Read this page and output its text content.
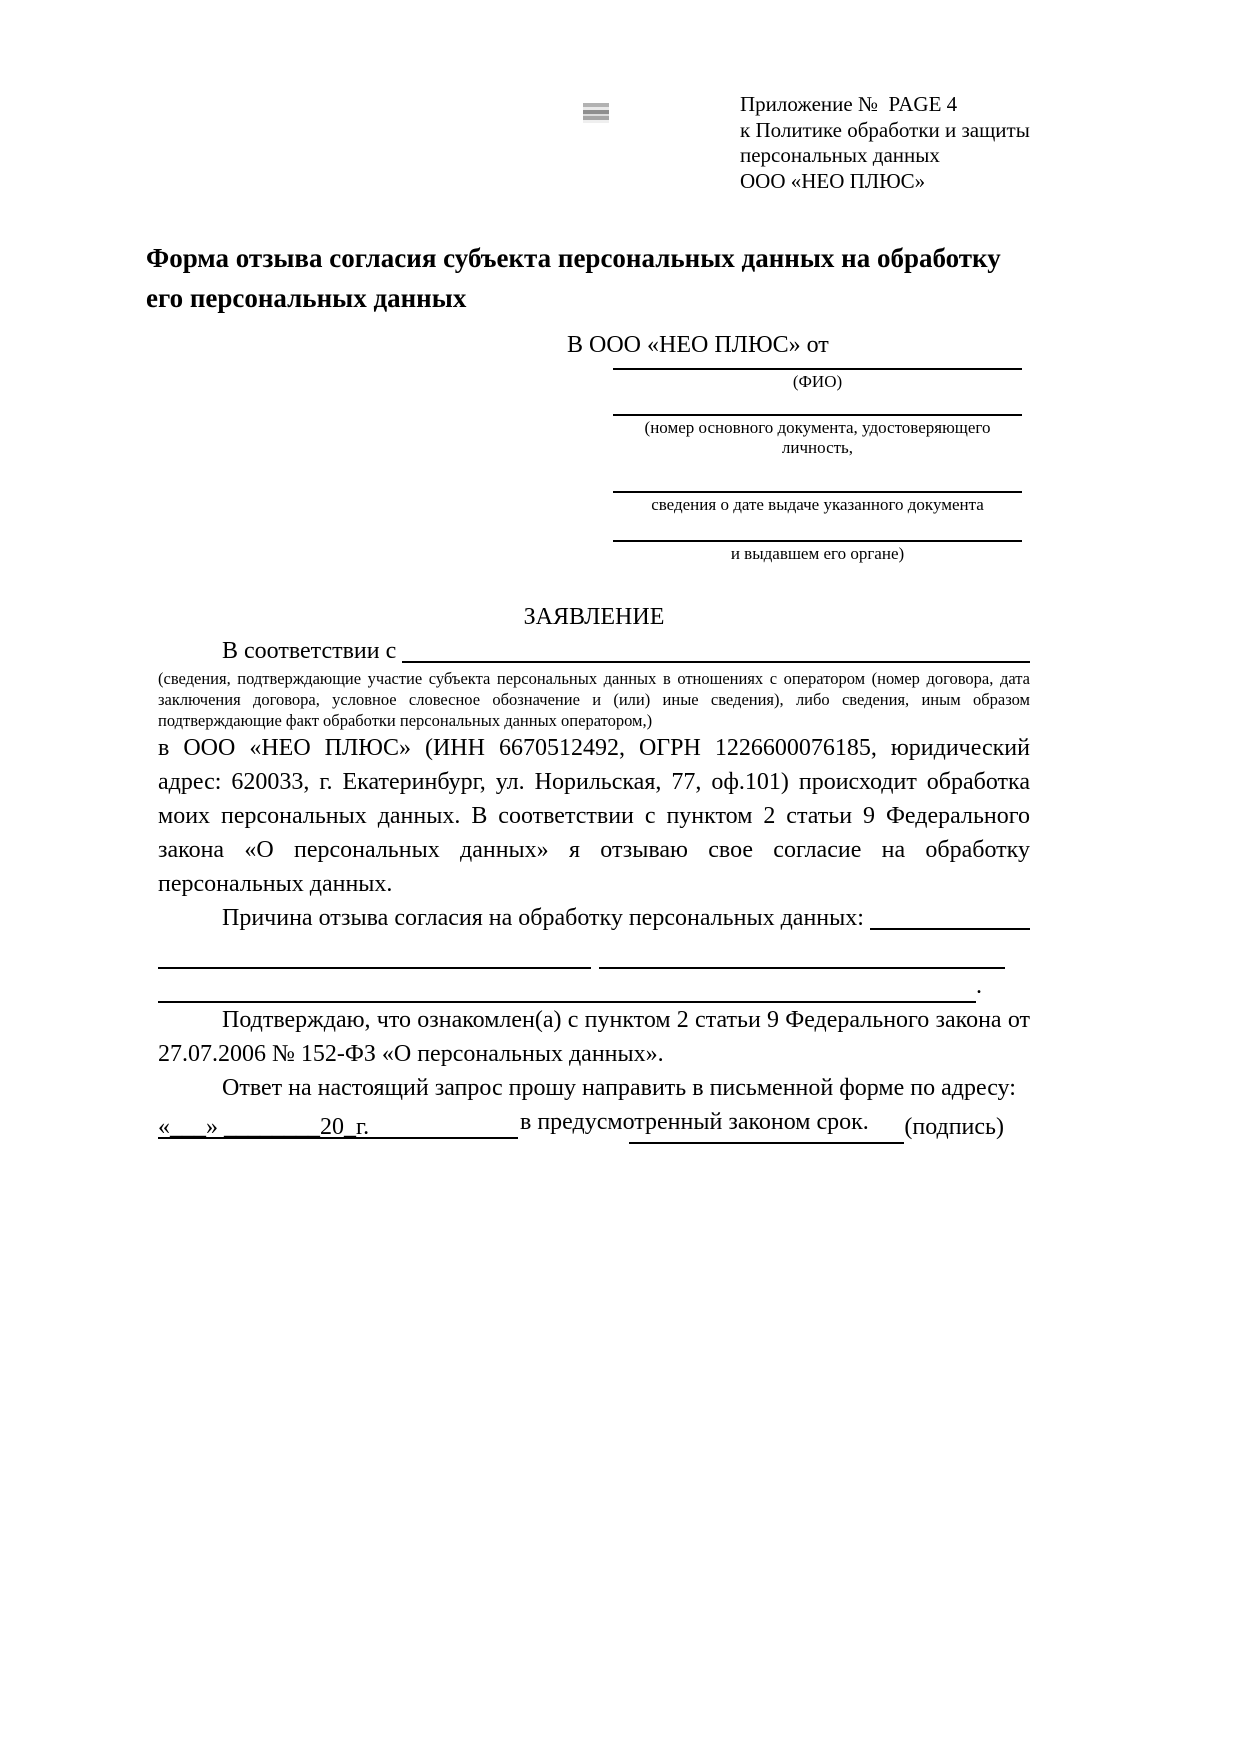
Приложение №  PAGE 4
к Политике обработки и защиты
персональных данных
ООО «НЕО ПЛЮС»
Форма отзыва согласия субъекта персональных данных на обработку его персональных данных
В ООО «НЕО ПЛЮС» от
(ФИО)
(номер основного документа, удостоверяющего личность,
сведения о дате выдаче указанного документа
и выдавшем его органе)
ЗАЯВЛЕНИЕ
В соответствии с

(сведения, подтверждающие участие субъекта персональных данных в отношениях с оператором (номер договора, дата заключения договора, условное словесное обозначение и (или) иные сведения), либо сведения, иным образом подтверждающие факт обработки персональных данных оператором,)

в ООО «НЕО ПЛЮС» (ИНН 6670512492, ОГРН 1226600076185, юридический адрес: 620033, г. Екатеринбург, ул. Норильская, 77, оф.101) происходит обработка моих персональных данных. В соответствии с пунктом 2 статьи 9 Федерального закона «О персональных данных» я отзываю свое согласие на обработку персональных данных.

Причина отзыва согласия на обработку персональных данных:
.

Подтверждаю, что ознакомлен(а) с пунктом 2 статьи 9 Федерального закона от 27.07.2006 № 152-ФЗ «О персональных данных».

Ответ на настоящий запрос прошу направить в письменной форме по адресу:
в предусмотренный законом срок.
«___» ________20_г.	(подпись)
